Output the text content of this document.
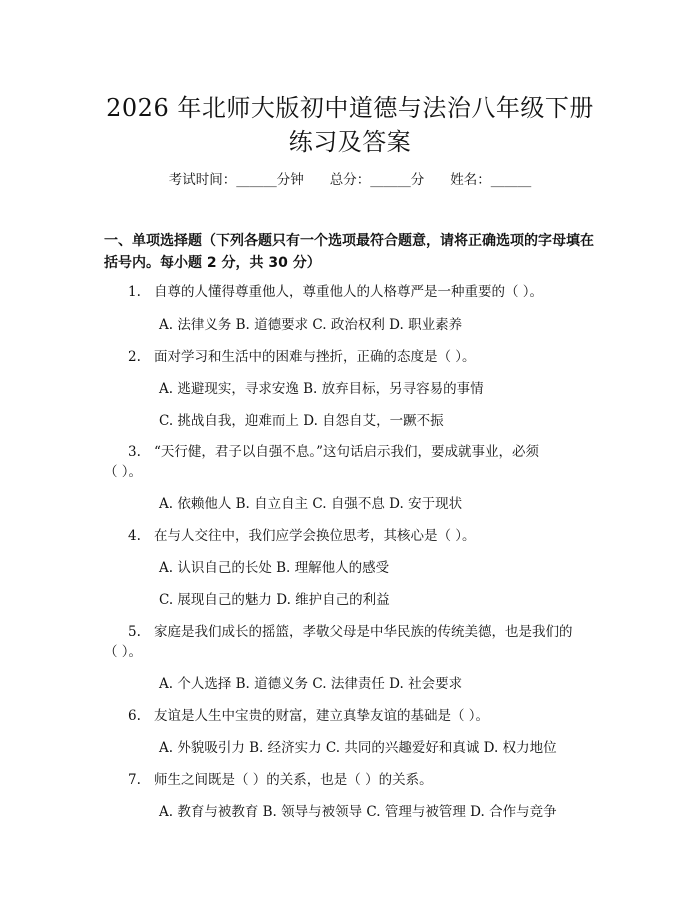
2026 年北师大版初中道德与法治八年级下册
练习及答案
考试时间：______分钟 总分：______分 姓名：______
一、单项选择题（下列各题只有一个选项最符合题意，请将正确选项的字母填在括号内。每小题 2 分，共 30 分）
1. 自尊的人懂得尊重他人，尊重他人的人格尊严是一种重要的（ ）。
A. 法律义务 B. 道德要求 C. 政治权利 D. 职业素养
2. 面对学习和生活中的困难与挫折，正确的态度是（ ）。
A. 逃避现实，寻求安逸 B. 放弃目标，另寻容易的事情
C. 挑战自我，迎难而上 D. 自怨自艾，一蹶不振
3. “天行健，君子以自强不息。”这句话启示我们，要成就事业，必须
（ ）。
A. 依赖他人 B. 自立自主 C. 自强不息 D. 安于现状
4. 在与人交往中，我们应学会换位思考，其核心是（ ）。
A. 认识自己的长处 B. 理解他人的感受
C. 展现自己的魅力 D. 维护自己的利益
5. 家庭是我们成长的摇篮，孝敬父母是中华民族的传统美德，也是我们的
（ ）。
A. 个人选择 B. 道德义务 C. 法律责任 D. 社会要求
6. 友谊是人生中宝贵的财富，建立真挚友谊的基础是（ ）。
A. 外貌吸引力 B. 经济实力 C. 共同的兴趣爱好和真诚 D. 权力地位
7. 师生之间既是（ ）的关系，也是（ ）的关系。
A. 教育与被教育 B. 领导与被领导 C. 管理与被管理 D. 合作与竞争
